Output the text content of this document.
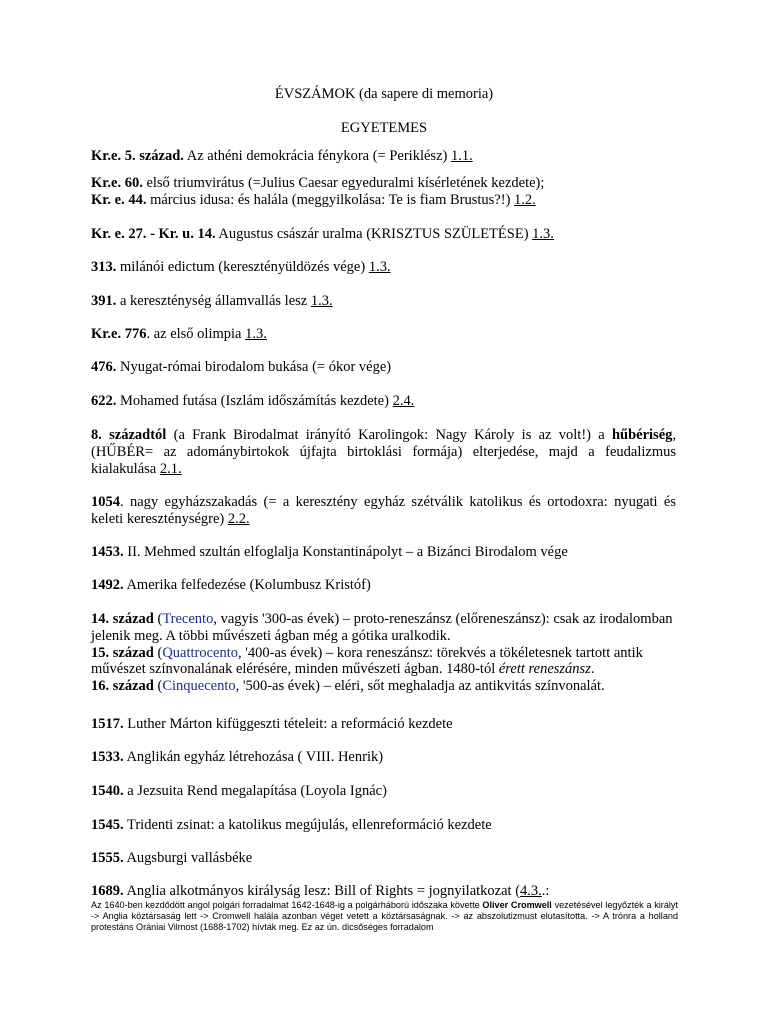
ÉVSZÁMOK (da sapere di memoria)
EGYETEMES
Kr.e. 5. század. Az athéni demokrácia fénykora (= Periklész) 1.1.
Kr.e. 60. első triumvirátus (=Julius Caesar egyeduralmi kísérletének kezdete);
Kr. e. 44. március idusa: és halála (meggyilkolása: Te is fiam Brustus?!) 1.2.
Kr. e. 27. - Kr. u. 14. Augustus császár uralma (KRISZTUS SZÜLETÉSE) 1.3.
313. milánói edictum (keresztényüldözés vége) 1.3.
391. a kereszténység államvallás lesz 1.3.
Kr.e. 776. az első olimpia 1.3.
476. Nyugat-római birodalom bukása (= ókor vége)
622. Mohamed futása (Iszlám időszámítás kezdete) 2.4.
8. századtól (a Frank Birodalmat irányító Karolingok: Nagy Károly is az volt!) a hűbériség, (HŰBÉR= az adománybirtokok újfajta birtoklási formája) elterjedése, majd a feudalizmus kialakulása 2.1.
1054. nagy egyházszakadás (= a keresztény egyház szétválik katolikus és ortodoxra: nyugati és keleti kereszténységre) 2.2.
1453. II. Mehmed szultán elfoglalja Konstantinápolyt – a Bizánci Birodalom vége
1492. Amerika felfedezése (Kolumbusz Kristóf)
14. század (Trecento, vagyis '300-as évek) – proto-reneszánsz (előreneszánsz): csak az irodalomban jelenik meg. A többi művészeti ágban még a gótika uralkodik.
15. század (Quattrocento, '400-as évek) – kora reneszánsz: törekvés a tökéletesnek tartott antik művészet színvonalának elérésére, minden művészeti ágban. 1480-tól érett reneszánsz.
16. század (Cinquecento, '500-as évek) – eléri, sőt meghaladja az antikvitás színvonalát.
1517. Luther Márton kifüggeszti tételeit: a reformáció kezdete
1533. Anglikán egyház létrehozása ( VIII. Henrik)
1540. a Jezsuita Rend megalapítása (Loyola Ignác)
1545. Tridenti zsinat: a katolikus megújulás, ellenreformáció kezdete
1555. Augsburgi vallásbéke
1689. Anglia alkotmányos királyság lesz: Bill of Rights = jognyilatkozat (4.3..:
Az 1640-ben kezdődött angol polgári forradalmat 1642-1648-ig a polgárháború időszaka követte Oliver Cromwell vezetésével legyőzték a királyt -> Anglia köztársaság lett -> Cromwell halála azonban véget vetett a köztársaságnak. -> az abszolutizmust elutasította. -> A trónra a holland protestáns Orániai Vilmost (1688-1702) hívták meg. Ez az ún. dicsőséges forradalom
